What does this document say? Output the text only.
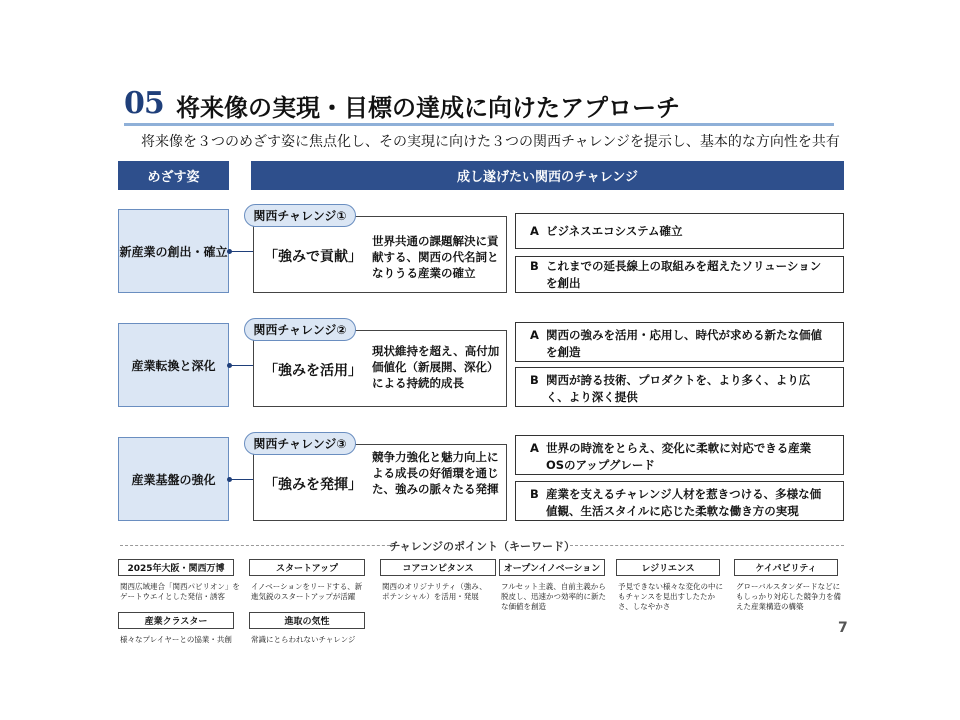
05 将来像の実現・目標の達成に向けたアプローチ
将来像を３つのめざす姿に焦点化し、その実現に向けた３つの関西チャレンジを提示し、基本的な方向性を共有
めざす姿	成し遂げたい関西のチャレンジ
新産業の創出・確立
関西チャレンジ①
「強みで貢献」
世界共通の課題解決に貢献する、関西の代名詞となりうる産業の確立
A ビジネスエコシステム確立
B これまでの延長線上の取組みを超えたソリューションを創出
産業転換と深化
関西チャレンジ②
「強みを活用」
現状維持を超え、高付加価値化（新展開、深化）による持続的成長
A 関西の強みを活用・応用し、時代が求める新たな価値を創造
B 関西が誇る技術、プロダクトを、より多く、より広く、より深く提供
産業基盤の強化
関西チャレンジ③
「強みを発揮」
競争力強化と魅力向上による成長の好循環を通じた、強みの脈々たる発揮
A 世界の時流をとらえ、変化に柔軟に対応できる産業OSのアップグレード
B 産業を支えるチャレンジ人材を惹きつける、多様な価値観、生活スタイルに応じた柔軟な働き方の実現
チャレンジのポイント（キーワード）
2025年大阪・関西万博
関西広域連合「関西パビリオン」をゲートウエイとした発信・誘客
スタートアップ
イノベーションをリードする、新進気鋭のスタートアップが活躍
コアコンピタンス
関西のオリジナリティ（強み、ポテンシャル）を活用・発展
オープンイノベーション
フルセット主義、自前主義から脱皮し、迅速かつ効率的に新たな価値を創造
レジリエンス
予見できない様々な変化の中にもチャンスを見出すしたたかさ、しなやかさ
ケイパビリティ
グローバルスタンダードなどにもしっかり対応した競争力を備えた産業構造の構築
産業クラスター
様々なプレイヤーとの協業・共創
進取の気性
常識にとらわれないチャレンジ
7
